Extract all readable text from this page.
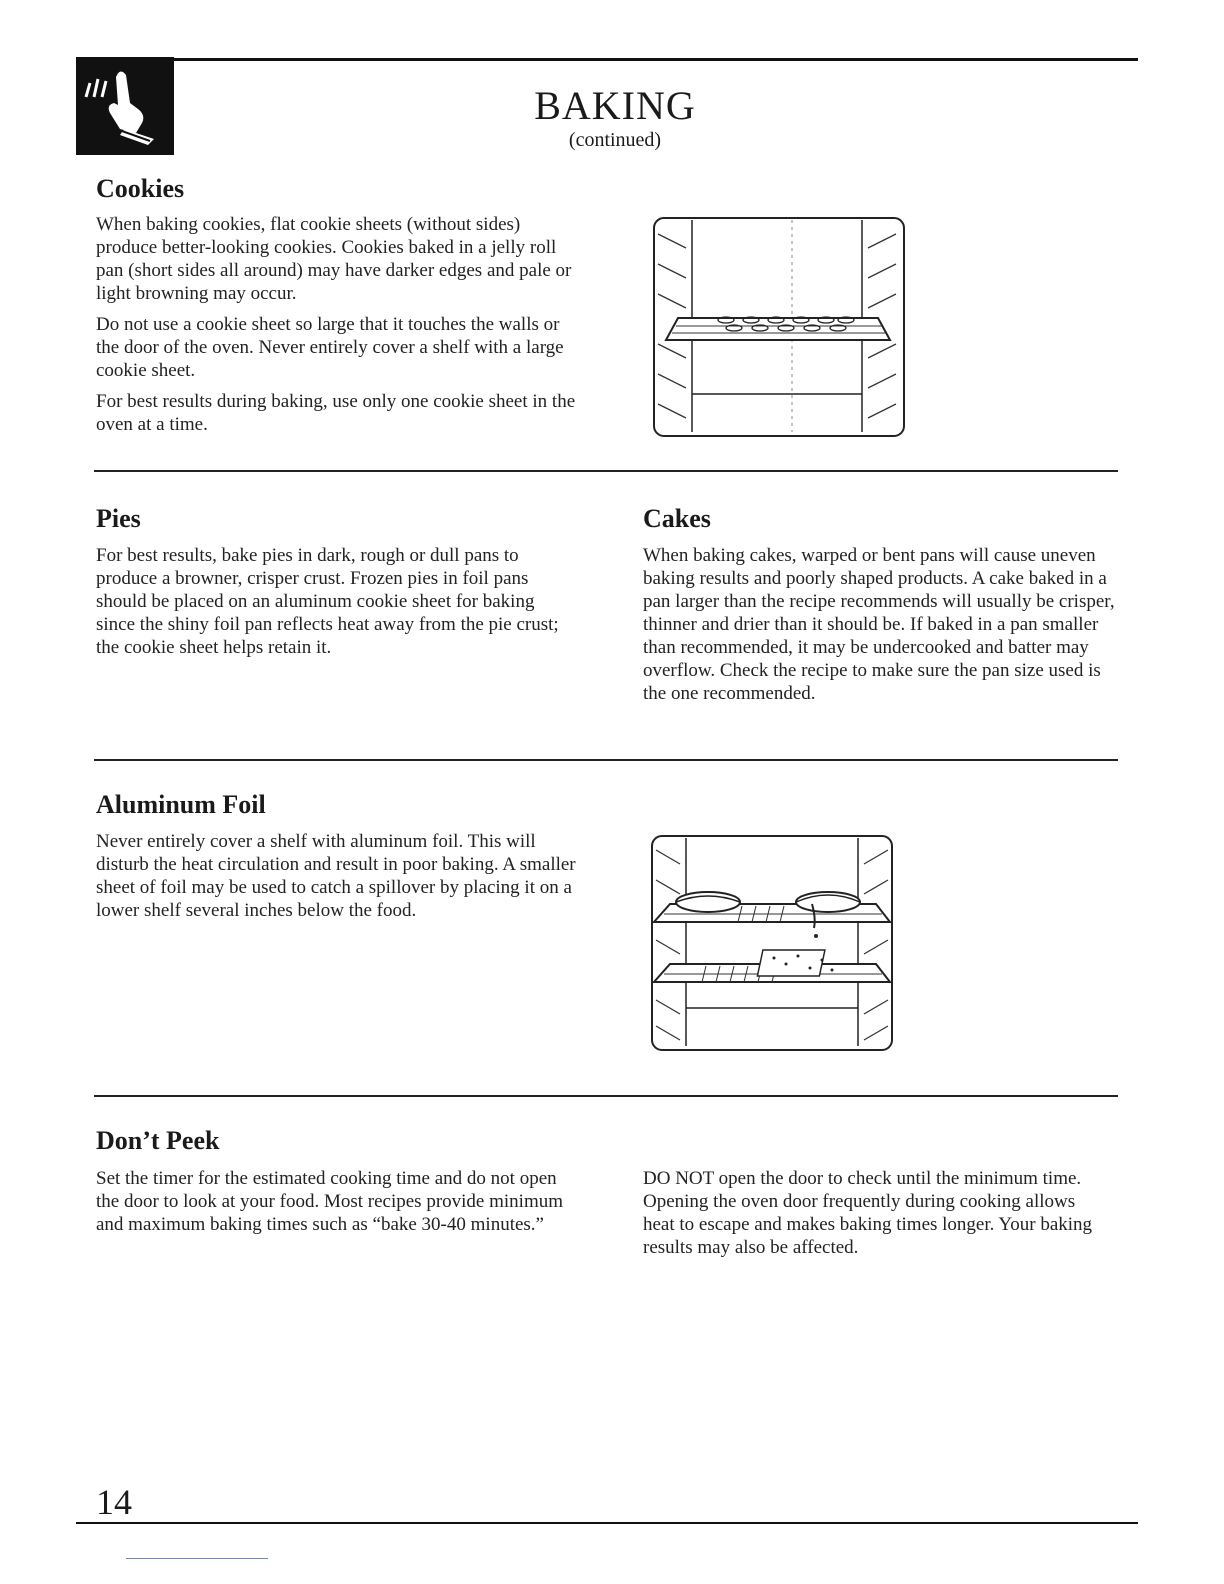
BAKING
(continued)
Cookies

When baking cookies, flat cookie sheets (without sides) produce better-looking cookies. Cookies baked in a jelly roll pan (short sides all around) may have darker edges and pale or light browning may occur.

Do not use a cookie sheet so large that it touches the walls or the door of the oven. Never entirely cover a shelf with a large cookie sheet.

For best results during baking, use only one cookie sheet in the oven at a time.

Pies

For best results, bake pies in dark, rough or dull pans to produce a browner, crisper crust. Frozen pies in foil pans should be placed on an aluminum cookie sheet for baking since the shiny foil pan reflects heat away from the pie crust; the cookie sheet helps retain it.

Cakes

When baking cakes, warped or bent pans will cause uneven baking results and poorly shaped products. A cake baked in a pan larger than the recipe recommends will usually be crisper, thinner and drier than it should be. If baked in a pan smaller than recommended, it may be undercooked and batter may overflow. Check the recipe to make sure the pan size used is the one recommended.

Aluminum Foil

Never entirely cover a shelf with aluminum foil. This will disturb the heat circulation and result in poor baking. A smaller sheet of foil may be used to catch a spillover by placing it on a lower shelf several inches below the food.

Don’t Peek

Set the timer for the estimated cooking time and do not open the door to look at your food. Most recipes provide minimum and maximum baking times such as “bake 30-40 minutes.”

DO NOT open the door to check until the minimum time. Opening the oven door frequently during cooking allows heat to escape and makes baking times longer. Your baking results may also be affected.

14
